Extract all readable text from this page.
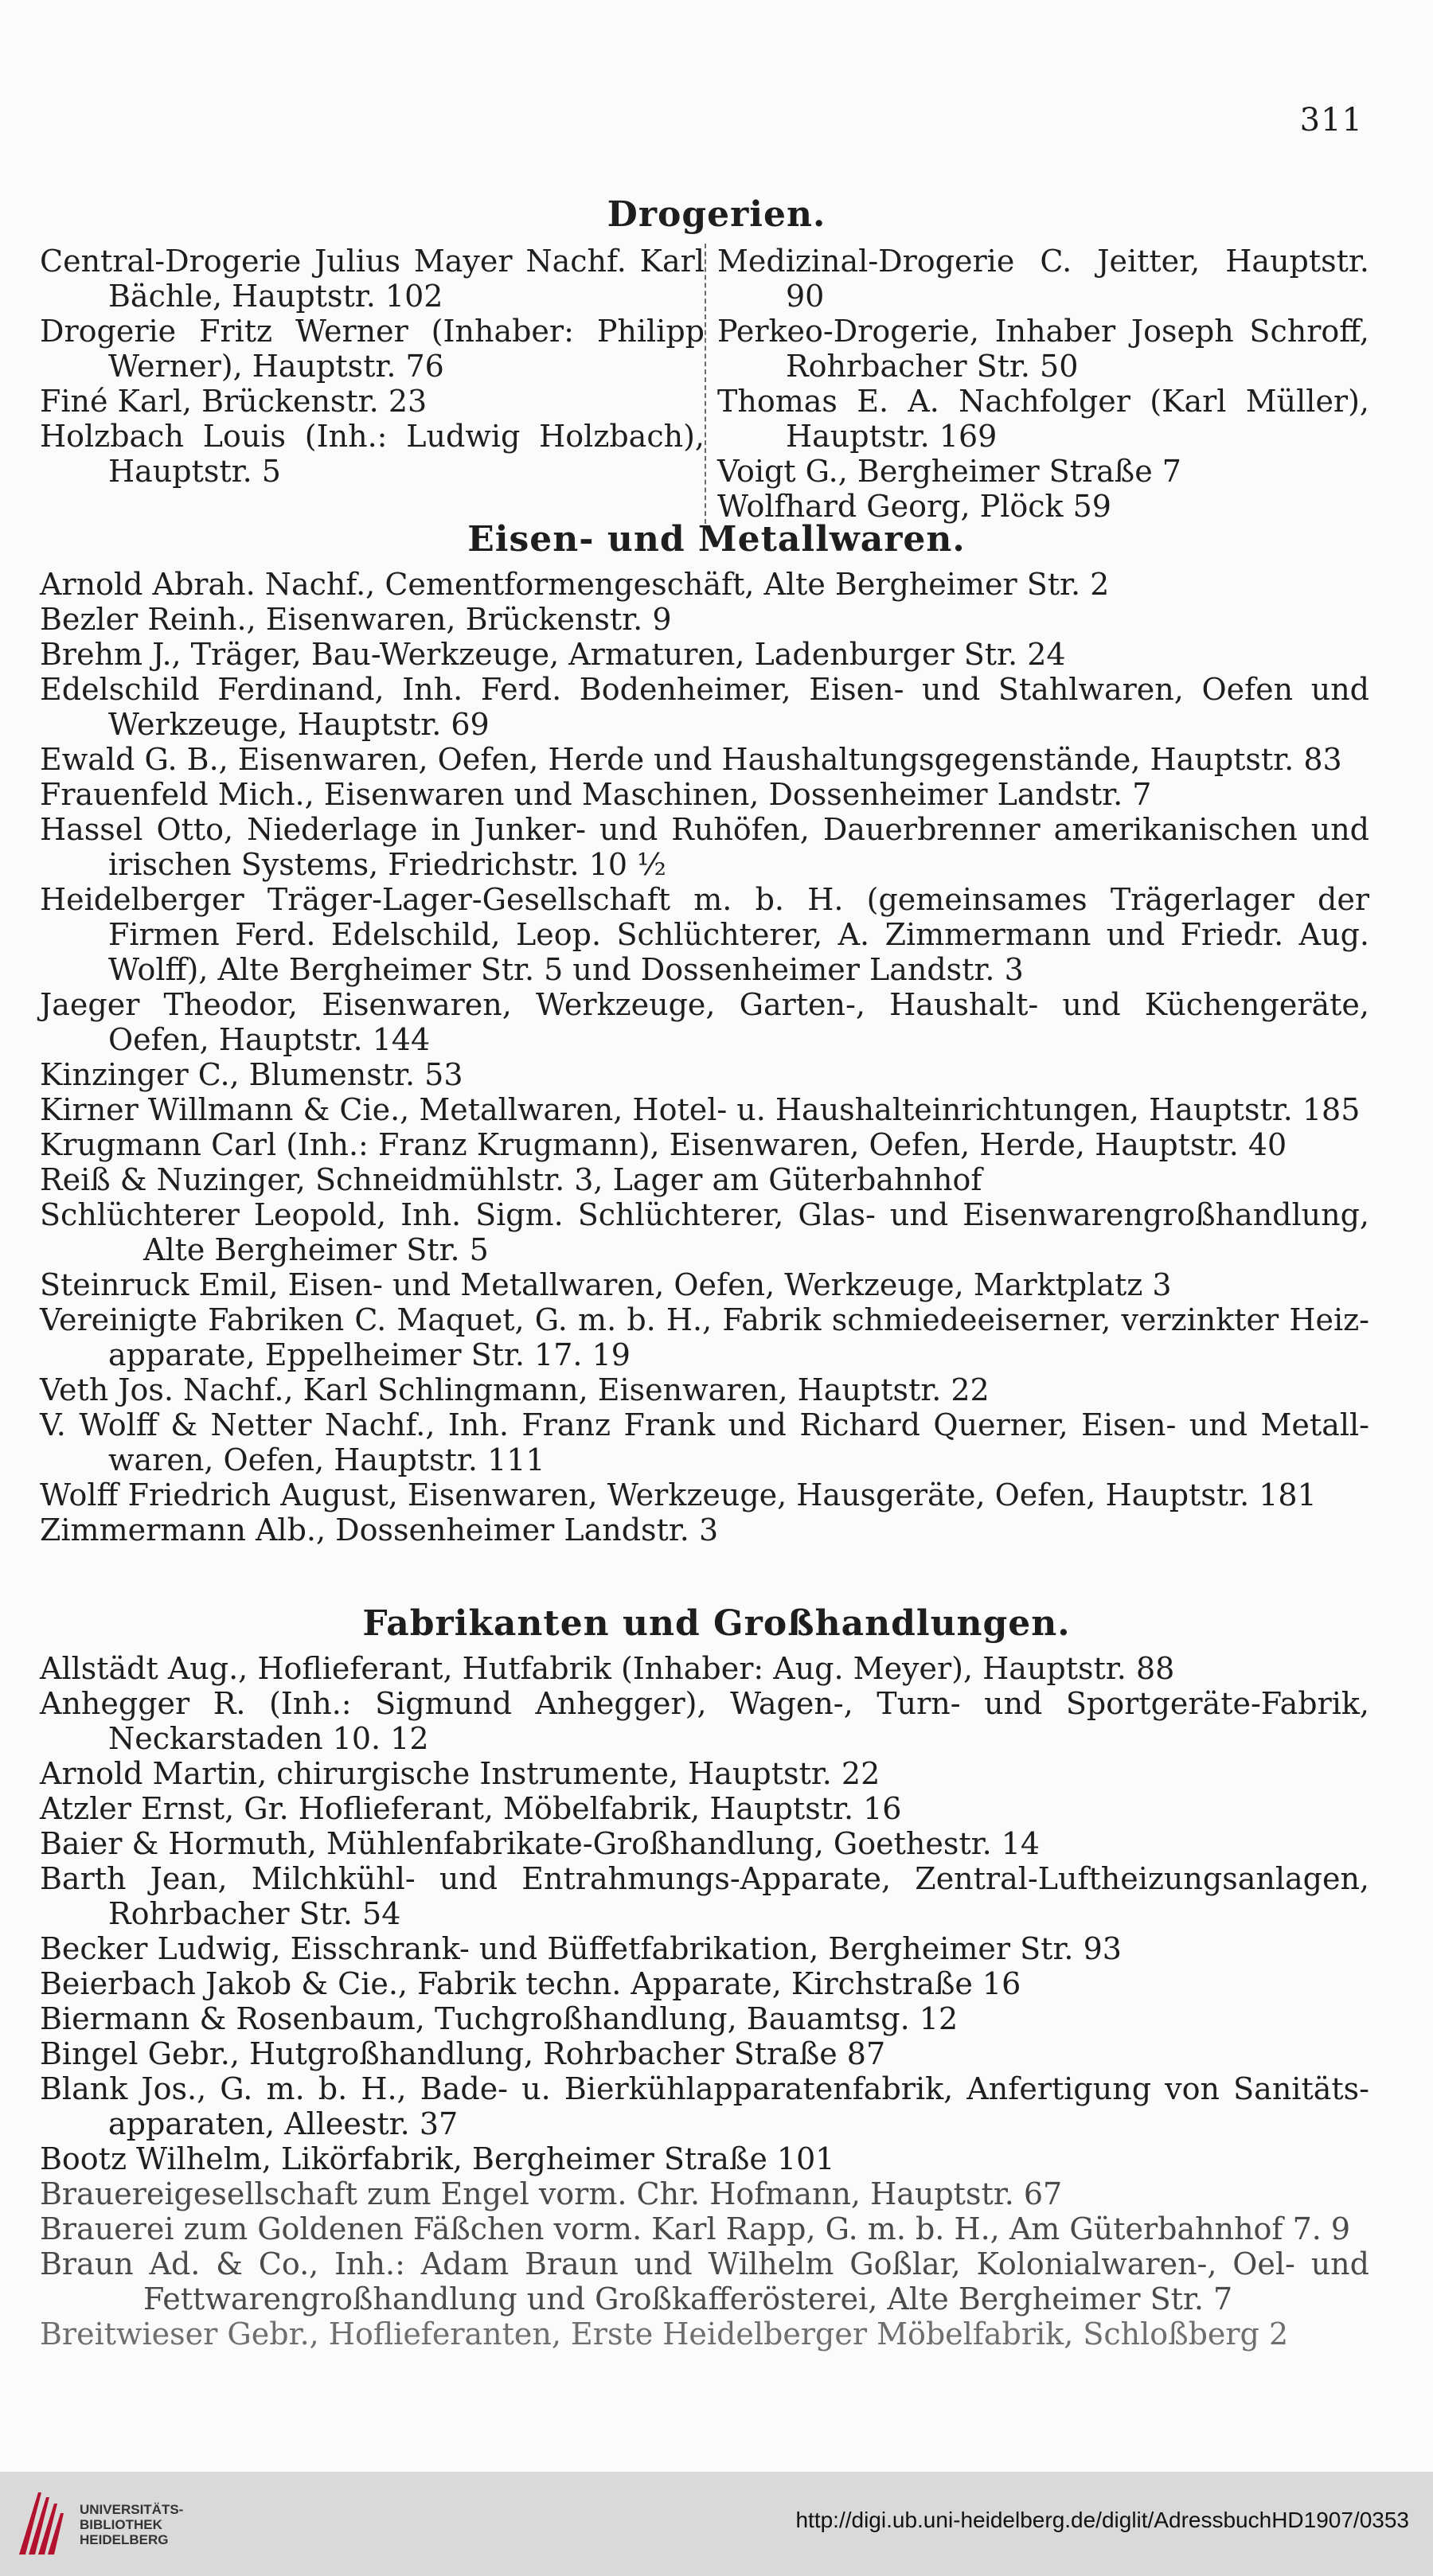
311
Drogerien.
Central-Drogerie Julius Mayer Nachf. Karl Bächle, Hauptstr. 102
Drogerie Fritz Werner (Inhaber: Philipp Werner), Hauptstr. 76
Finé Karl, Brückenstr. 23
Holzbach Louis (Inh.: Ludwig Holzbach), Hauptstr. 5
Medizinal-Drogerie C. Jeitter, Hauptstr. 90
Perkeo-Drogerie, Inhaber Joseph Schroff, Rohrbacher Str. 50
Thomas E. A. Nachfolger (Karl Müller), Hauptstr. 169
Voigt G., Bergheimer Straße 7
Wolfhard Georg, Plöck 59
Eisen- und Metallwaren.
Arnold Abrah. Nachf., Cementformengeschäft, Alte Bergheimer Str. 2
Bezler Reinh., Eisenwaren, Brückenstr. 9
Brehm J., Träger, Bau-Werkzeuge, Armaturen, Ladenburger Str. 24
Edelschild Ferdinand, Inh. Ferd. Bodenheimer, Eisen- und Stahlwaren, Oefen und Werkzeuge, Hauptstr. 69
Ewald G. B., Eisenwaren, Oefen, Herde und Haushaltungsgegenstände, Hauptstr. 83
Frauenfeld Mich., Eisenwaren und Maschinen, Dossenheimer Landstr. 7
Hassel Otto, Niederlage in Junker- und Ruhöfen, Dauerbrenner amerikanischen und irischen Systems, Friedrichstr. 10 ½
Heidelberger Träger-Lager-Gesellschaft m. b. H. (gemeinsames Trägerlager der Firmen Ferd. Edelschild, Leop. Schlüchterer, A. Zimmermann und Friedr. Aug. Wolff), Alte Bergheimer Str. 5 und Dossenheimer Landstr. 3
Jaeger Theodor, Eisenwaren, Werkzeuge, Garten-, Haushalt- und Küchengeräte, Oefen, Hauptstr. 144
Kinzinger C., Blumenstr. 53
Kirner Willmann & Cie., Metallwaren, Hotel- u. Haushalteinrichtungen, Hauptstr. 185
Krugmann Carl (Inh.: Franz Krugmann), Eisenwaren, Oefen, Herde, Hauptstr. 40
Reiß & Nuzinger, Schneidmühlstr. 3, Lager am Güterbahnhof
Schlüchterer Leopold, Inh. Sigm. Schlüchterer, Glas- und Eisenwarengroßhandlung, Alte Bergheimer Str. 5
Steinruck Emil, Eisen- und Metallwaren, Oefen, Werkzeuge, Marktplatz 3
Vereinigte Fabriken C. Maquet, G. m. b. H., Fabrik schmiedeeiserner, verzinkter Heiz-apparate, Eppelheimer Str. 17. 19
Veth Jos. Nachf., Karl Schlingmann, Eisenwaren, Hauptstr. 22
V. Wolff & Netter Nachf., Inh. Franz Frank und Richard Querner, Eisen- und Metall-waren, Oefen, Hauptstr. 111
Wolff Friedrich August, Eisenwaren, Werkzeuge, Hausgeräte, Oefen, Hauptstr. 181
Zimmermann Alb., Dossenheimer Landstr. 3
Fabrikanten und Großhandlungen.
Allstädt Aug., Hoflieferant, Hutfabrik (Inhaber: Aug. Meyer), Hauptstr. 88
Anhegger R. (Inh.: Sigmund Anhegger), Wagen-, Turn- und Sportgeräte-Fabrik, Neckarstaden 10. 12
Arnold Martin, chirurgische Instrumente, Hauptstr. 22
Atzler Ernst, Gr. Hoflieferant, Möbelfabrik, Hauptstr. 16
Baier & Hormuth, Mühlenfabrikate-Großhandlung, Goethestr. 14
Barth Jean, Milchkühl- und Entrahmungs-Apparate, Zentral-Luftheizungsanlagen, Rohrbacher Str. 54
Becker Ludwig, Eisschrank- und Büffetfabrikation, Bergheimer Str. 93
Beierbach Jakob & Cie., Fabrik techn. Apparate, Kirchstraße 16
Biermann & Rosenbaum, Tuchgroßhandlung, Bauamtsg. 12
Bingel Gebr., Hutgroßhandlung, Rohrbacher Straße 87
Blank Jos., G. m. b. H., Bade- u. Bierkühlapparatenfabrik, Anfertigung von Sanitäts-apparaten, Alleestr. 37
Bootz Wilhelm, Likörfabrik, Bergheimer Straße 101
Brauereigesellschaft zum Engel vorm. Chr. Hofmann, Hauptstr. 67
Brauerei zum Goldenen Fäßchen vorm. Karl Rapp, G. m. b. H., Am Güterbahnhof 7. 9
Braun Ad. & Co., Inh.: Adam Braun und Wilhelm Goßlar, Kolonialwaren-, Oel- und Fettwarengroßhandlung und Großkafferösterei, Alte Bergheimer Str. 7
Breitwieser Gebr., Hoflieferanten, Erste Heidelberger Möbelfabrik, Schloßberg 2
UNIVERSITÄTS-
BIBLIOTHEK
HEIDELBERG
http://digi.ub.uni-heidelberg.de/diglit/AdressbuchHD1907/0353
